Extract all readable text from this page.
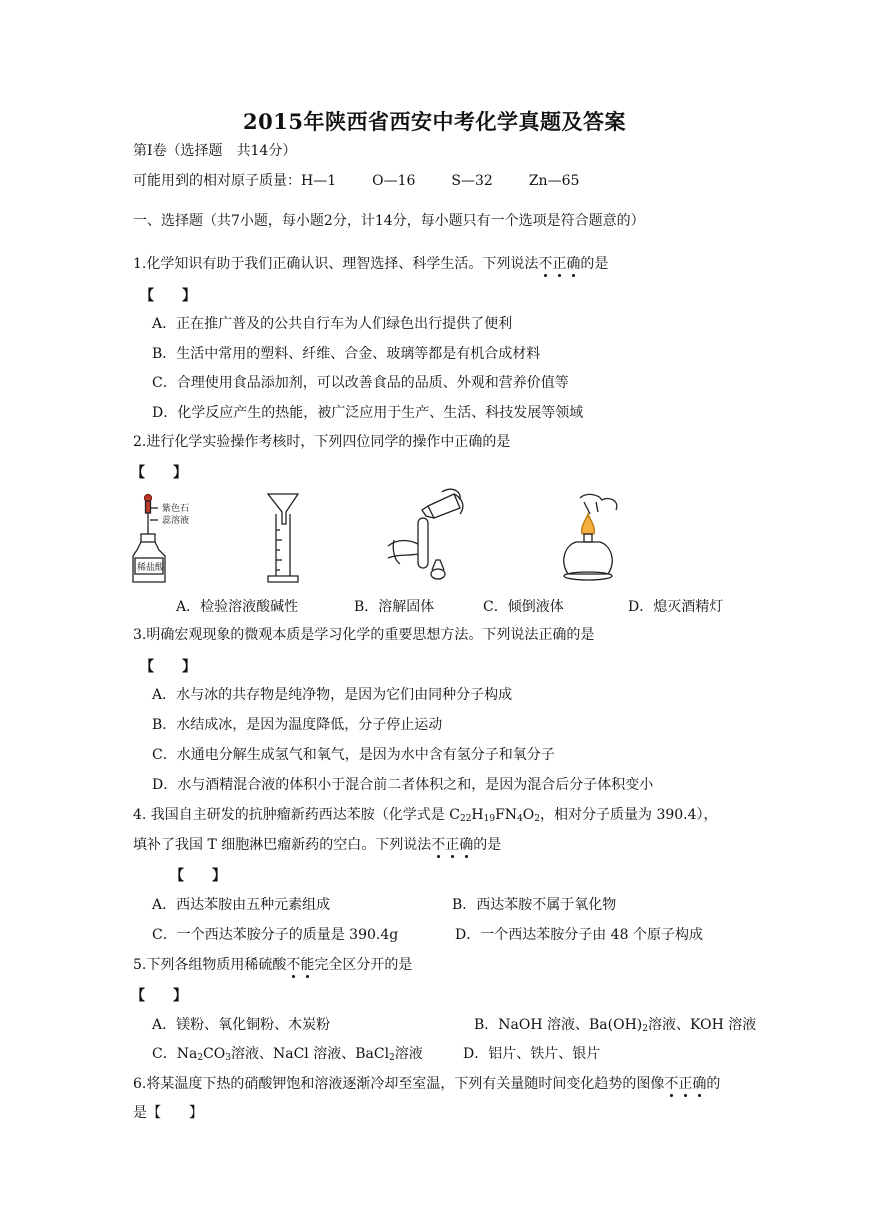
2015年陕西省西安中考化学真题及答案
第Ⅰ卷（选择题　共14分）
可能用到的相对原子质量：H—1	O—16	S—32	Zn—65
一、选择题（共7小题，每小题2分，计14分，每小题只有一个选项是符合题意的）
1.化学知识有助于我们正确认识、理智选择、科学生活。下列说法不正确的是
【　　】
A．正在推广普及的公共自行车为人们绿色出行提供了便利
B．生活中常用的塑料、纤维、合金、玻璃等都是有机合成材料
C．合理使用食品添加剂，可以改善食品的品质、外观和营养价值等
D．化学反应产生的热能，被广泛应用于生产、生活、科技发展等领域
2.进行化学实验操作考核时，下列四位同学的操作中正确的是
【　　】
紫色石
蕊溶液
稀盐酸
A．检验溶液酸碱性	B．溶解固体	C．倾倒液体	D．熄灭酒精灯
3.明确宏观现象的微观本质是学习化学的重要思想方法。下列说法正确的是
【　　】
A．水与冰的共存物是纯净物，是因为它们由同种分子构成
B．水结成冰，是因为温度降低，分子停止运动
C．水通电分解生成氢气和氧气，是因为水中含有氢分子和氧分子
D．水与酒精混合液的体积小于混合前二者体积之和，是因为混合后分子体积变小
4. 我国自主研发的抗肿瘤新药西达苯胺（化学式是 $C_{22}H_{19}FN_4O_2$，相对分子质量为 390.4），
填补了我国 T 细胞淋巴瘤新药的空白。下列说法不正确的是
【　　】
A．西达苯胺由五种元素组成	B．西达苯胺不属于氧化物
C．一个西达苯胺分子的质量是 390.4g	D．一个西达苯胺分子由 48 个原子构成
5.下列各组物质用稀硫酸不能完全区分开的是
【　　】
A．镁粉、氧化铜粉、木炭粉	B．NaOH 溶液、$Ba(OH)_2$溶液、KOH 溶液
C．$Na_2CO_3$溶液、NaCl 溶液、BaCl$_2$溶液	D．铝片、铁片、银片
6.将某温度下热的硝酸钾饱和溶液逐渐冷却至室温，下列有关量随时间变化趋势的图像不正确的
是【　　】
